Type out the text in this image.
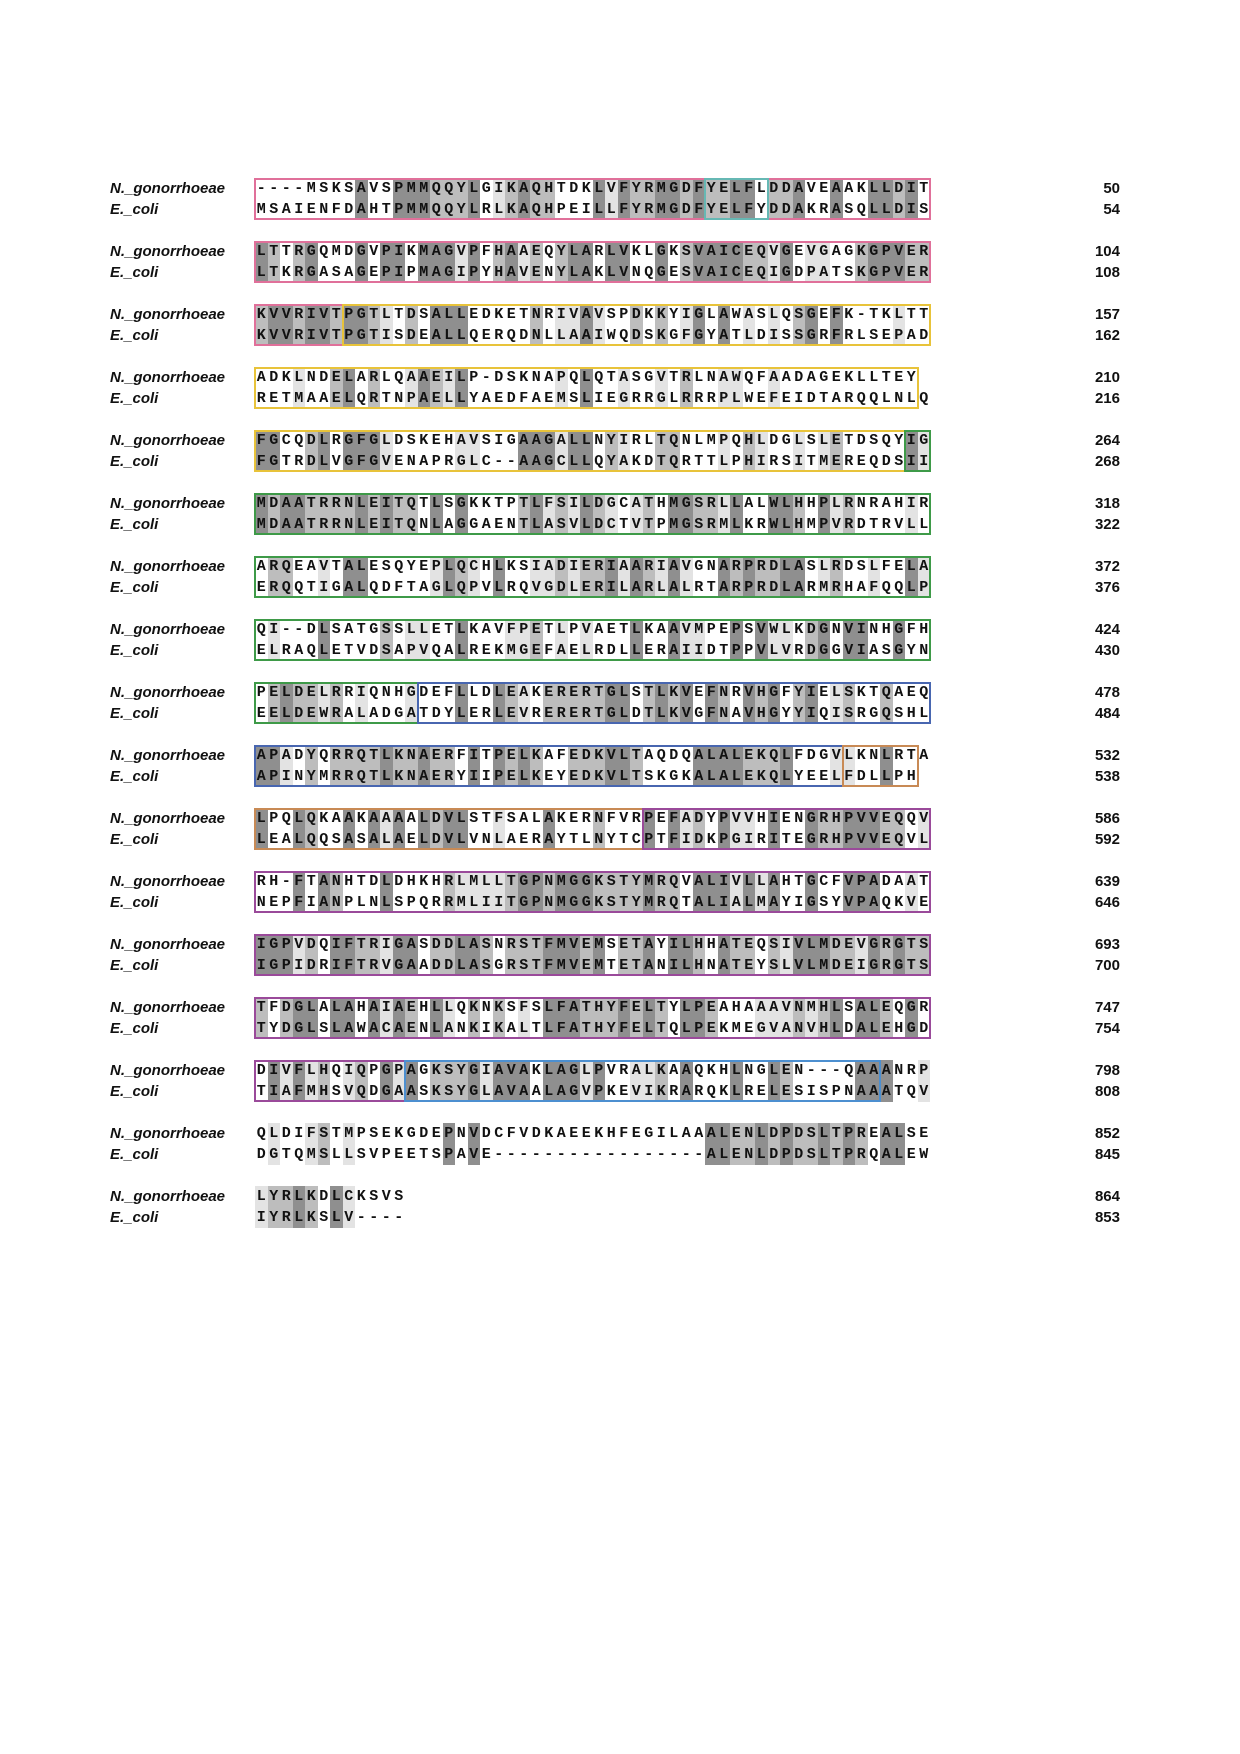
N._gonorrhoeae	- - - - M S K S A V S P M M Q Q Y L G I K A Q H T D K L V F Y R M G D F Y E L F L D D A V E A A K L L D I T	50
E._coli	M S A I E N F D A H T P M M Q Q Y L R L K A Q H P E I L L F Y R M G D F Y E L F Y D D A K R A S Q L L D I S	54
N._gonorrhoeae	L T T R G Q M D G V P I K M A G V P F H A A E Q Y L A R L V K L G K S V A I C E Q V G E V G A G K G P V E R	104
E._coli	L T K R G A S A G E P I P M A G I P Y H A V E N Y L A K L V N Q G E S V A I C E Q I G D P A T S K G P V E R	108
N._gonorrhoeae	K V V R I V T P G T L T D S A L L E D K E T N R I V A V S P D K K Y I G L A W A S L Q S G E F K - T K L T T	157
E._coli	K V V R I V T P G T I S D E A L L Q E R Q D N L L A A I W Q D S K G F G Y A T L D I S S G R F R L S E P A D	162
N._gonorrhoeae	A D K L N D E L A R L Q A A E I L P - D S K N A P Q L Q T A S G V T R L N A W Q F A A D A G E K L L T E Y	210
E._coli	R E T M A A E L Q R T N P A E L L Y A E D F A E M S L I E G R R G L R R R P L W E F E I D T A R Q Q L N L Q	216
N._gonorrhoeae	F G C Q D L R G F G L D S K E H A V S I G A A G A L L N Y I R L T Q N L M P Q H L D G L S L E T D S Q Y I G	264
E._coli	F G T R D L V G F G V E N A P R G L C - - A A G C L L Q Y A K D T Q R T T L P H I R S I T M E R E Q D S I I	268
N._gonorrhoeae	M D A A T R R N L E I T Q T L S G K K T P T L F S I L D G C A T H M G S R L L A L W L H H P L R N R A H I R	318
E._coli	M D A A T R R N L E I T Q N L A G G A E N T L A S V L D C T V T P M G S R M L K R W L H M P V R D T R V L L	322
N._gonorrhoeae	A R Q E A V T A L E S Q Y E P L Q C H L K S I A D I E R I A A R I A V G N A R P R D L A S L R D S L F E L A	372
E._coli	E R Q Q T I G A L Q D F T A G L Q P V L R Q V G D L E R I L A R L A L R T A R P R D L A R M R H A F Q Q L P	376
N._gonorrhoeae	Q I - - D L S A T G S S L L E T L K A V F P E T L P V A E T L K A A V M P E P S V W L K D G N V I N H G F H	424
E._coli	E L R A Q L E T V D S A P V Q A L R E K M G E F A E L R D L L E R A I I D T P P V L V R D G G V I A S G Y N	430
N._gonorrhoeae	P E L D E L R R I Q N H G D E F L L D L E A K E R E R T G L S T L K V E F N R V H G F Y I E L S K T Q A E Q	478
E._coli	E E L D E W R A L A D G A T D Y L E R L E V R E R E R T G L D T L K V G F N A V H G Y Y I Q I S R G Q S H L	484
N._gonorrhoeae	A P A D Y Q R R Q T L K N A E R F I T P E L K A F E D K V L T A Q D Q A L A L E K Q L F D G V L K N L R T A	532
E._coli	A P I N Y M R R Q T L K N A E R Y I I P E L K E Y E D K V L T S K G K A L A L E K Q L Y E E L F D L L P H	538
N._gonorrhoeae	L P Q L Q K A A K A A A A L D V L S T F S A L A K E R N F V R P E F A D Y P V V H I E N G R H P V V E Q Q V	586
E._coli	L E A L Q Q S A S A L A E L D V L V N L A E R A Y T L N Y T C P T F I D K P G I R I T E G R H P V V E Q V L	592
N._gonorrhoeae	R H - F T A N H T D L D H K H R L M L L T G P N M G G K S T Y M R Q V A L I V L L A H T G C F V P A D A A T	639
E._coli	N E P F I A N P L N L S P Q R R M L I I T G P N M G G K S T Y M R Q T A L I A L M A Y I G S Y V P A Q K V E	646
N._gonorrhoeae	I G P V D Q I F T R I G A S D D L A S N R S T F M V E M S E T A Y I L H H A T E Q S I V L M D E V G R G T S	693
E._coli	I G P I D R I F T R V G A A D D L A S G R S T F M V E M T E T A N I L H N A T E Y S L V L M D E I G R G T S	700
N._gonorrhoeae	T F D G L A L A H A I A E H L L Q K N K S F S L F A T H Y F E L T Y L P E A H A A A V N M H L S A L E Q G R	747
E._coli	T Y D G L S L A W A C A E N L A N K I K A L T L F A T H Y F E L T Q L P E K M E G V A N V H L D A L E H G D	754
N._gonorrhoeae	D I V F L H Q I Q P G P A G K S Y G I A V A K L A G L P V R A L K A A Q K H L N G L E N - - - Q A A A N R P	798
E._coli	T I A F M H S V Q D G A A S K S Y G L A V A A L A G V P K E V I K R A R Q K L R E L E S I S P N A A A T Q V	808
N._gonorrhoeae	Q L D I F S T M P S E K G D E P N V D C F V D K A E E K H F E G I L A A A L E N L D P D S L T P R E A L S E	852
E._coli	D G T Q M S L L S V P E E T S P A V E - - - - - - - - - - - - - - - - - A L E N L D P D S L T P R Q A L E W	845
N._gonorrhoeae	L Y R L K D L C K S V S	864
E._coli	I Y R L K S L V - - - -	853
